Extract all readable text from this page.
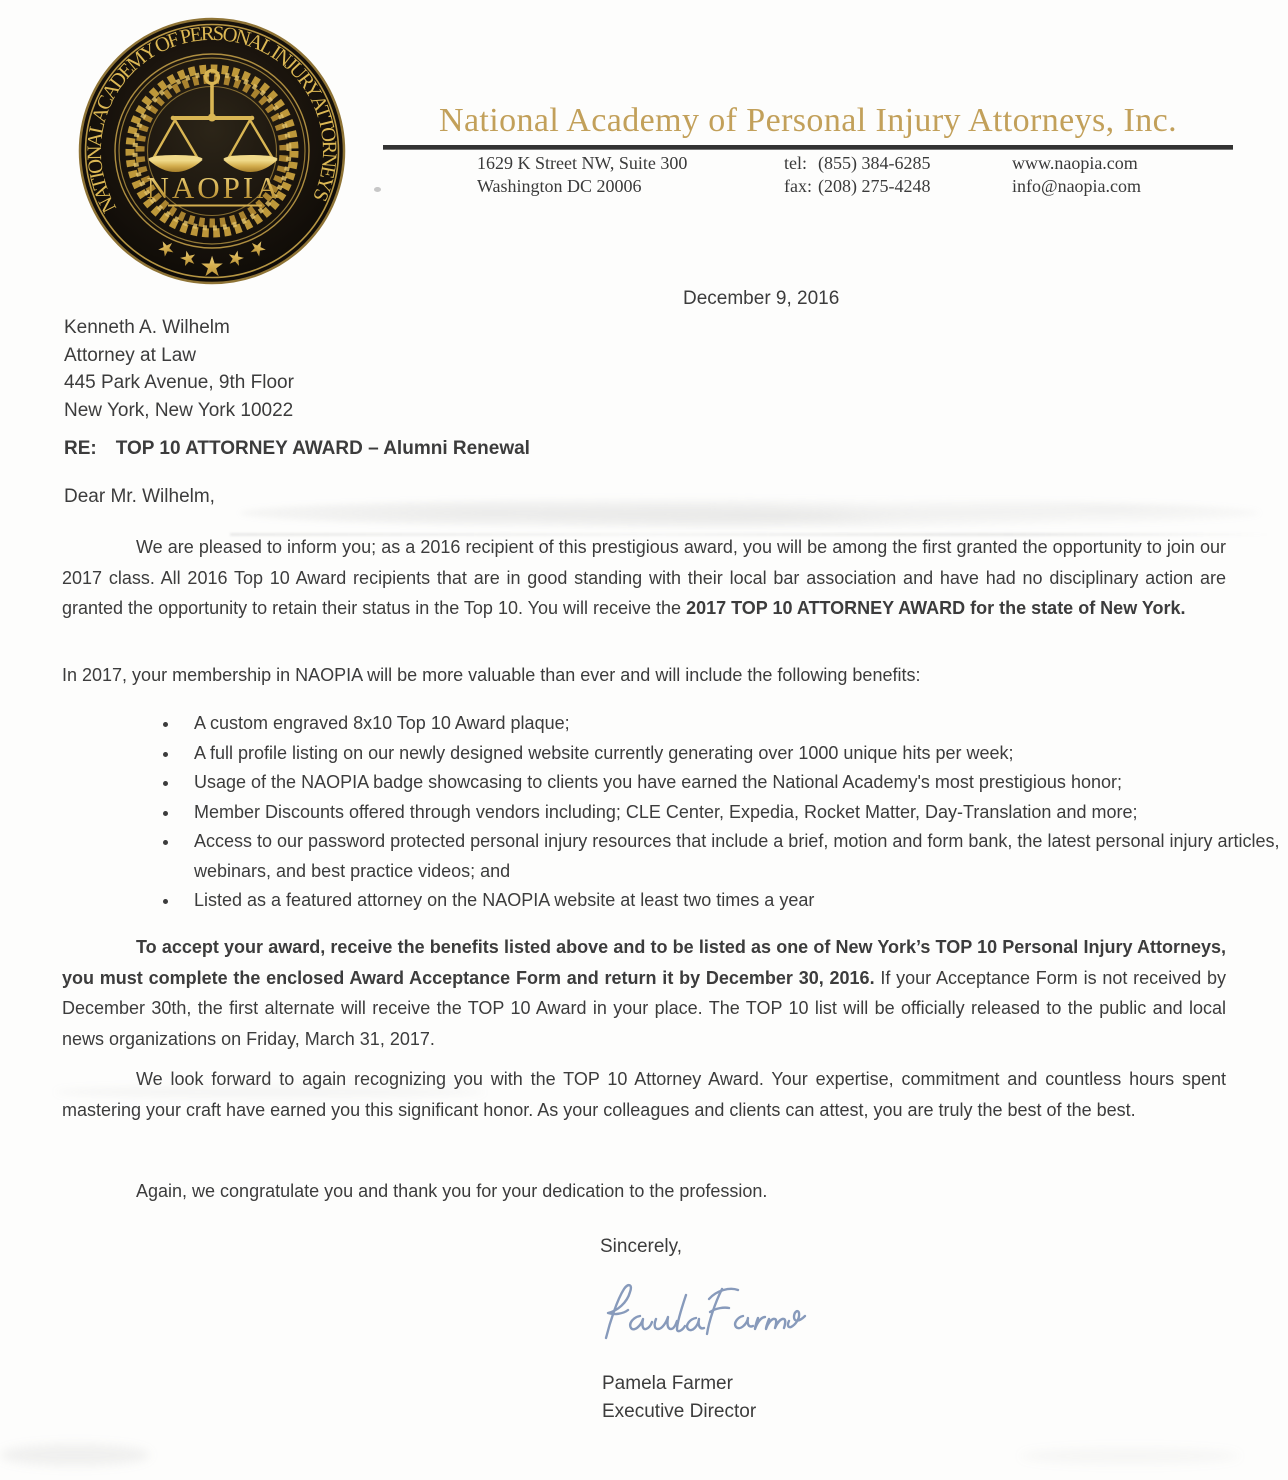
NATIONAL ACADEMY OF PERSONAL INJURY ATTORNEYS
NAOPIA
★
★ ★ ★
★
National Academy of Personal Injury Attorneys, Inc.
1629 K Street NW, Suite 300
Washington DC 20006
tel: (855) 384-6285
fax: (208) 275-4248
www.naopia.com
info@naopia.com
December 9, 2016
Kenneth A. Wilhelm
Attorney at Law
445 Park Avenue, 9th Floor
New York, New York 10022
RE: TOP 10 ATTORNEY AWARD – Alumni Renewal
Dear Mr. Wilhelm,

We are pleased to inform you; as a 2016 recipient of this prestigious award, you will be among the first granted the opportunity to join our 2017 class. All 2016 Top 10 Award recipients that are in good standing with their local bar association and have had no disciplinary action are granted the opportunity to retain their status in the Top 10. You will receive the 2017 TOP 10 ATTORNEY AWARD for the state of New York.

In 2017, your membership in NAOPIA will be more valuable than ever and will include the following benefits:

• A custom engraved 8x10 Top 10 Award plaque;
• A full profile listing on our newly designed website currently generating over 1000 unique hits per week;
• Usage of the NAOPIA badge showcasing to clients you have earned the National Academy's most prestigious honor;
• Member Discounts offered through vendors including; CLE Center, Expedia, Rocket Matter, Day-Translation and more;
• Access to our password protected personal injury resources that include a brief, motion and form bank, the latest personal injury articles, webinars, and best practice videos; and
• Listed as a featured attorney on the NAOPIA website at least two times a year

To accept your award, receive the benefits listed above and to be listed as one of New York’s TOP 10 Personal Injury Attorneys, you must complete the enclosed Award Acceptance Form and return it by December 30, 2016. If your Acceptance Form is not received by December 30th, the first alternate will receive the TOP 10 Award in your place. The TOP 10 list will be officially released to the public and local news organizations on Friday, March 31, 2017.

We look forward to again recognizing you with the TOP 10 Attorney Award. Your expertise, commitment and countless hours spent mastering your craft have earned you this significant honor. As your colleagues and clients can attest, you are truly the best of the best.

Again, we congratulate you and thank you for your dedication to the profession.

Sincerely,
Pamela Farmer
Executive Director
